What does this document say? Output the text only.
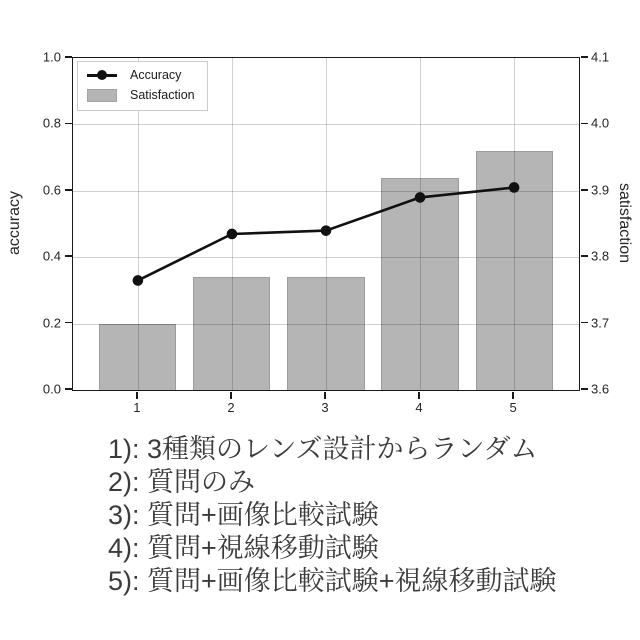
Accuracy
Satisfaction
accuracy	satisfaction
1): 3種類のレンズ設計からランダム
2): 質問のみ
3): 質問+画像比較試験
4): 質問+視線移動試験
5): 質問+画像比較試験+視線移動試験
0.0
0.2
0.4
0.6
0.8
1.0
3.6
3.7
3.8
3.9
4.0
4.1
1	2	3	4	5
